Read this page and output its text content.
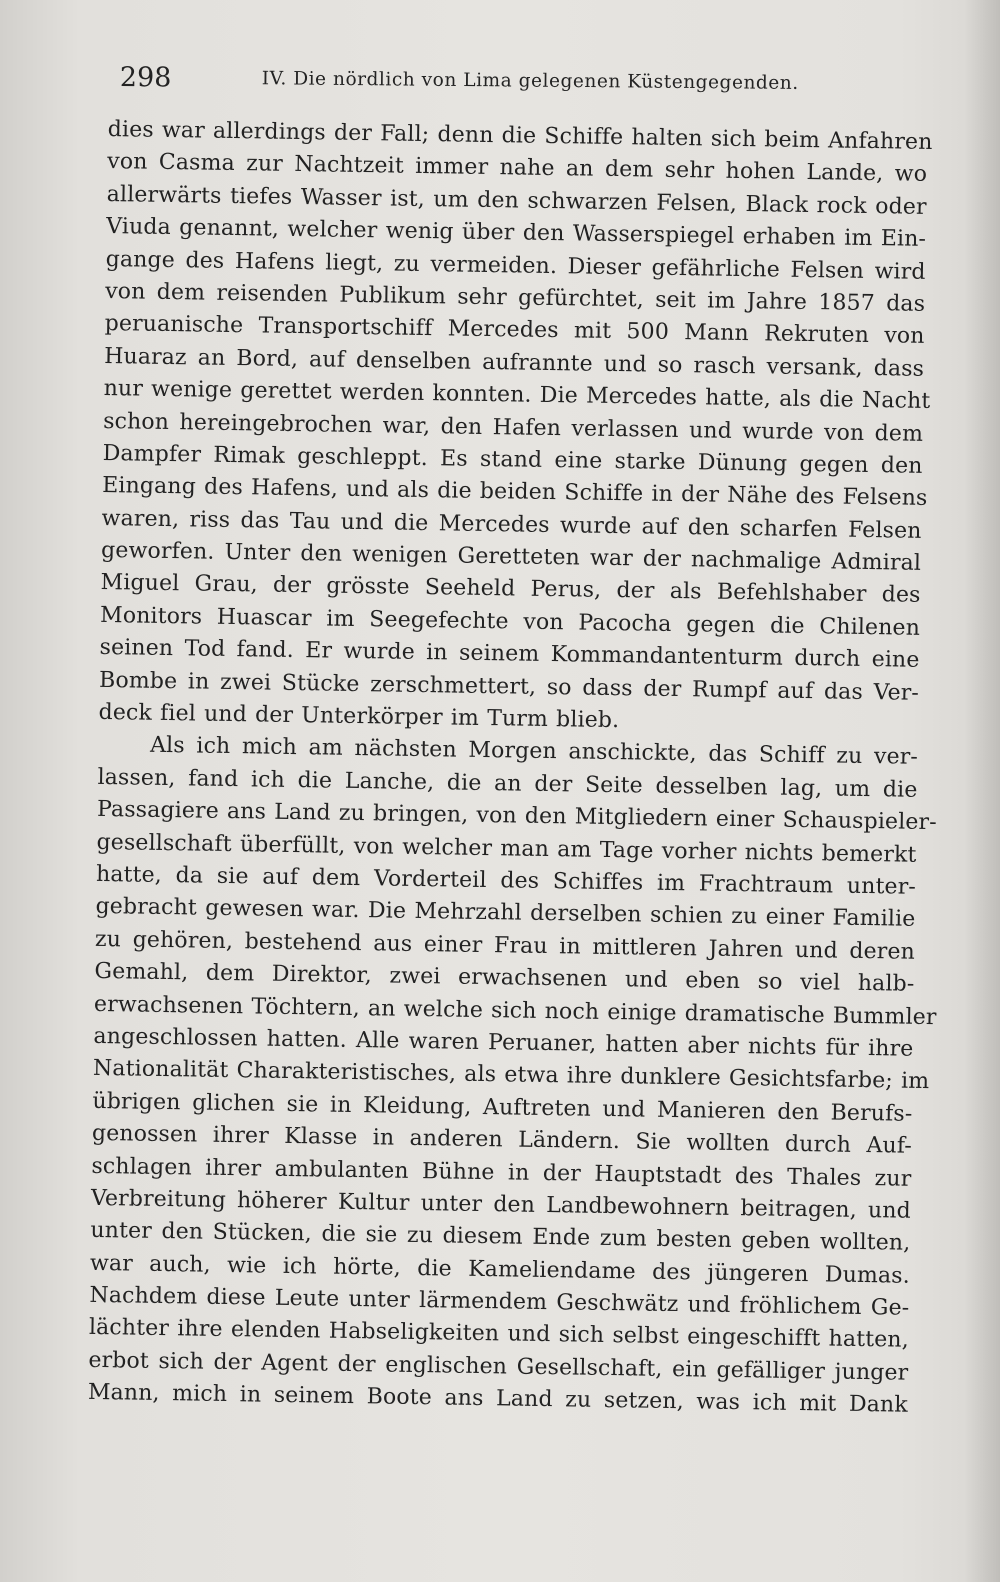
298	IV. Die nördlich von Lima gelegenen Küstengegenden.
dies war allerdings der Fall; denn die Schiffe halten sich beim Anfahren
von Casma zur Nachtzeit immer nahe an dem sehr hohen Lande, wo
allerwärts tiefes Wasser ist, um den schwarzen Felsen, Black rock oder
Viuda genannt, welcher wenig über den Wasserspiegel erhaben im Ein-
gange des Hafens liegt, zu vermeiden. Dieser gefährliche Felsen wird
von dem reisenden Publikum sehr gefürchtet, seit im Jahre 1857 das
peruanische Transportschiff Mercedes mit 500 Mann Rekruten von
Huaraz an Bord, auf denselben aufrannte und so rasch versank, dass
nur wenige gerettet werden konnten. Die Mercedes hatte, als die Nacht
schon hereingebrochen war, den Hafen verlassen und wurde von dem
Dampfer Rimak geschleppt. Es stand eine starke Dünung gegen den
Eingang des Hafens, und als die beiden Schiffe in der Nähe des Felsens
waren, riss das Tau und die Mercedes wurde auf den scharfen Felsen
geworfen. Unter den wenigen Geretteten war der nachmalige Admiral
Miguel Grau, der grösste Seeheld Perus, der als Befehlshaber des
Monitors Huascar im Seegefechte von Pacocha gegen die Chilenen
seinen Tod fand. Er wurde in seinem Kommandantenturm durch eine
Bombe in zwei Stücke zerschmettert, so dass der Rumpf auf das Ver-
deck fiel und der Unterkörper im Turm blieb.
Als ich mich am nächsten Morgen anschickte, das Schiff zu ver-
lassen, fand ich die Lanche, die an der Seite desselben lag, um die
Passagiere ans Land zu bringen, von den Mitgliedern einer Schauspieler-
gesellschaft überfüllt, von welcher man am Tage vorher nichts bemerkt
hatte, da sie auf dem Vorderteil des Schiffes im Frachtraum unter-
gebracht gewesen war. Die Mehrzahl derselben schien zu einer Familie
zu gehören, bestehend aus einer Frau in mittleren Jahren und deren
Gemahl, dem Direktor, zwei erwachsenen und eben so viel halb-
erwachsenen Töchtern, an welche sich noch einige dramatische Bummler
angeschlossen hatten. Alle waren Peruaner, hatten aber nichts für ihre
Nationalität Charakteristisches, als etwa ihre dunklere Gesichtsfarbe; im
übrigen glichen sie in Kleidung, Auftreten und Manieren den Berufs-
genossen ihrer Klasse in anderen Ländern. Sie wollten durch Auf-
schlagen ihrer ambulanten Bühne in der Hauptstadt des Thales zur
Verbreitung höherer Kultur unter den Landbewohnern beitragen, und
unter den Stücken, die sie zu diesem Ende zum besten geben wollten,
war auch, wie ich hörte, die Kameliendame des jüngeren Dumas.
Nachdem diese Leute unter lärmendem Geschwätz und fröhlichem Ge-
lächter ihre elenden Habseligkeiten und sich selbst eingeschifft hatten,
erbot sich der Agent der englischen Gesellschaft, ein gefälliger junger
Mann, mich in seinem Boote ans Land zu setzen, was ich mit Dank
